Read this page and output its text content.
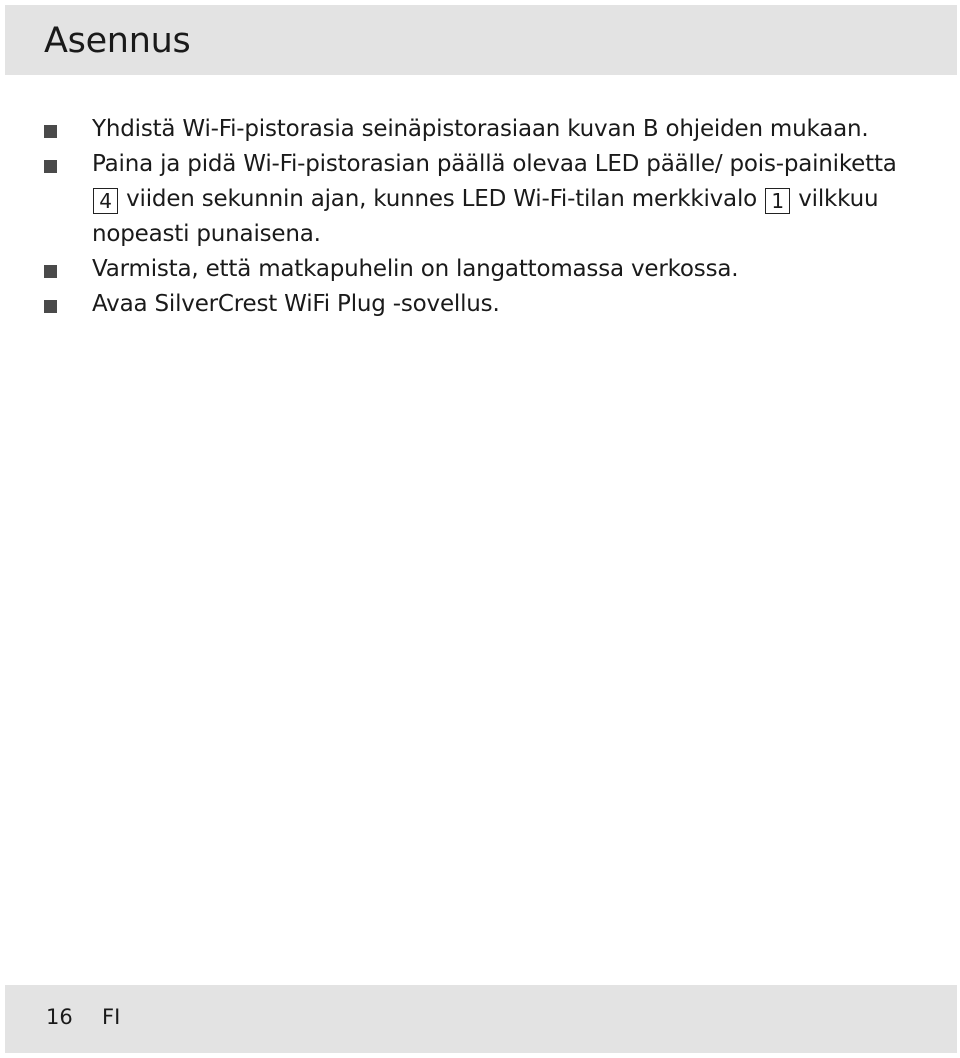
Asennus
Yhdistä Wi-Fi-pistorasia seinäpistorasiaan kuvan B ohjeiden mukaan.
Paina ja pidä Wi-Fi-pistorasian päällä olevaa LED päälle/ pois-painiketta 4 viiden sekunnin ajan, kunnes LED Wi-Fi-tilan merkkivalo 1 vilkkuu nopeasti punaisena.
Varmista, että matkapuhelin on langattomassa verkossa.
Avaa SilverCrest WiFi Plug -sovellus.
16 FI
